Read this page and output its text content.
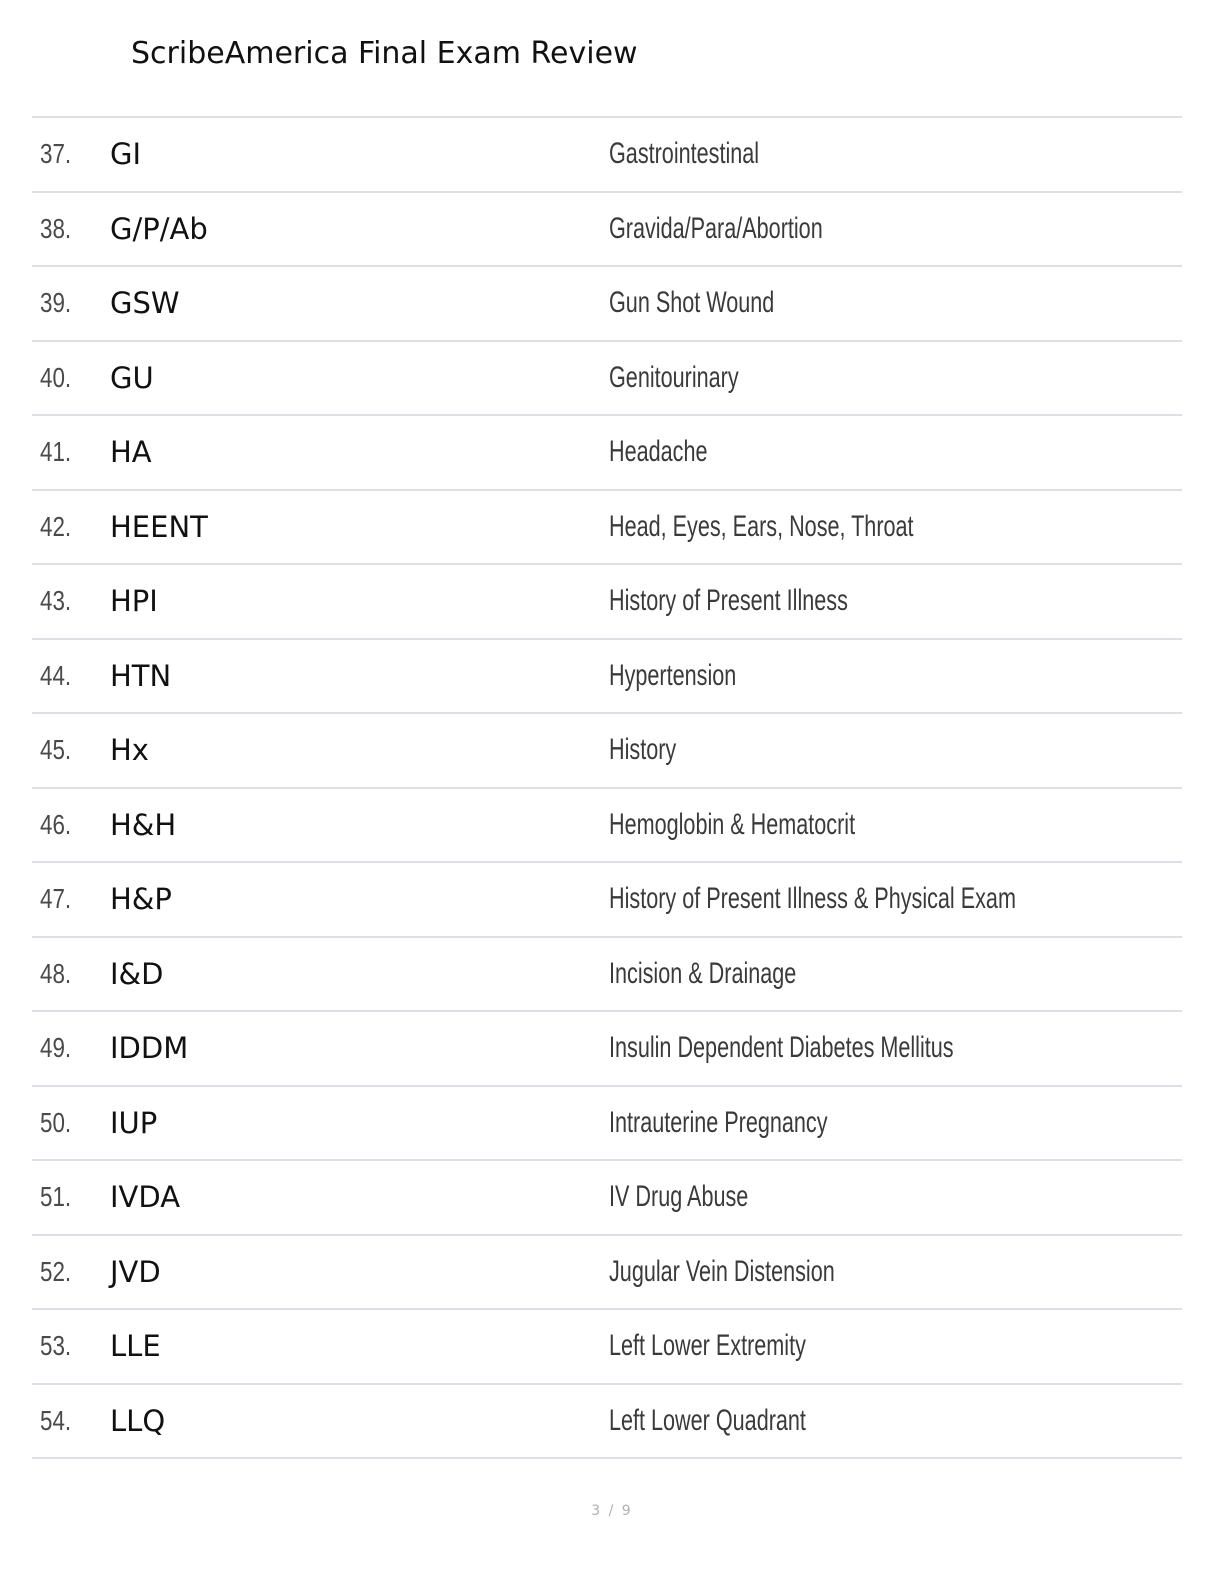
ScribeAmerica Final Exam Review
37. GI	Gastrointestinal
38. G/P/Ab	Gravida/Para/Abortion
39. GSW	Gun Shot Wound
40. GU	Genitourinary
41. HA	Headache
42. HEENT	Head, Eyes, Ears, Nose, Throat
43. HPI	History of Present Illness
44. HTN	Hypertension
45. Hx	History
46. H&H	Hemoglobin & Hematocrit
47. H&P	History of Present Illness & Physical Exam
48. I&D	Incision & Drainage
49. IDDM	Insulin Dependent Diabetes Mellitus
50. IUP	Intrauterine Pregnancy
51. IVDA	IV Drug Abuse
52. JVD	Jugular Vein Distension
53. LLE	Left Lower Extremity
54. LLQ	Left Lower Quadrant
3 / 9
